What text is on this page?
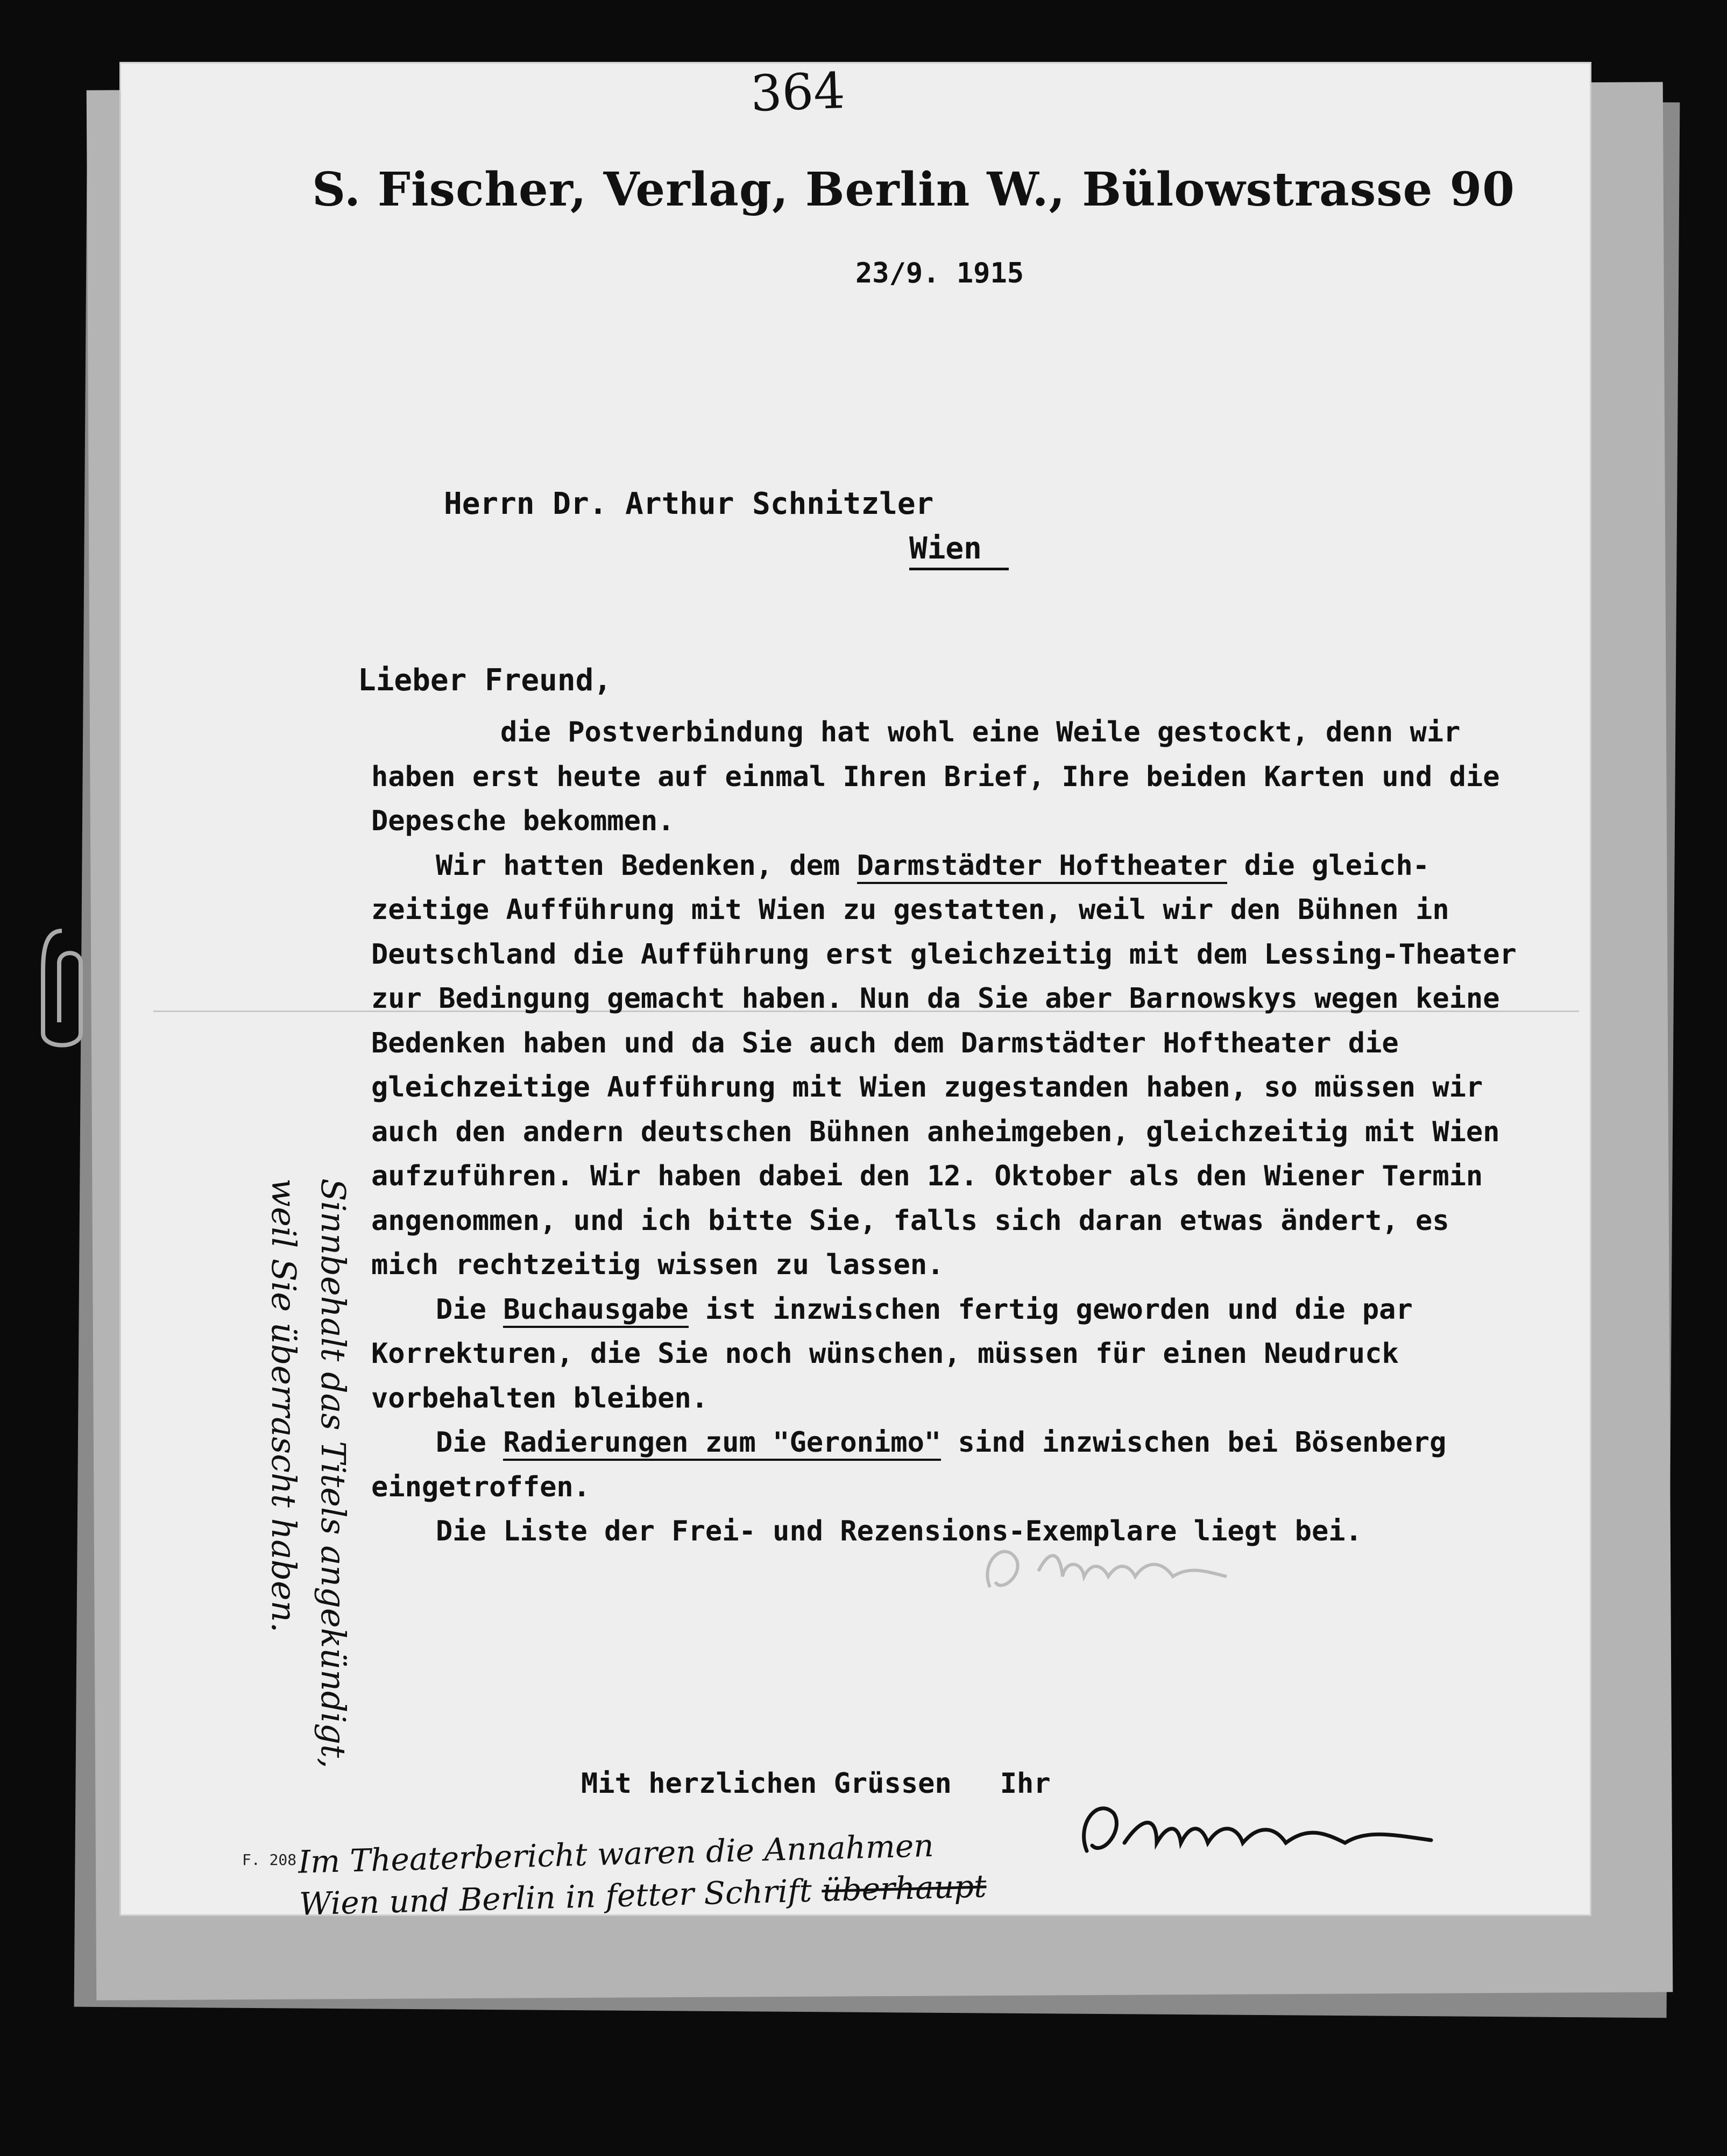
364
S. Fischer, Verlag, Berlin W., Bülowstrasse 90
23/9. 1915
Herrn Dr. Arthur Schnitzler
Wien
Lieber Freund,
die Postverbindung hat wohl eine Weile gestockt, denn wir
haben erst heute auf einmal Ihren Brief, Ihre beiden Karten und die
Depesche bekommen.
Wir hatten Bedenken, dem Darmstädter Hoftheater die gleich-
zeitige Aufführung mit Wien zu gestatten, weil wir den Bühnen in
Deutschland die Aufführung erst gleichzeitig mit dem Lessing-Theater
zur Bedingung gemacht haben. Nun da Sie aber Barnowskys wegen keine
Bedenken haben und da Sie auch dem Darmstädter Hoftheater die
gleichzeitige Aufführung mit Wien zugestanden haben, so müssen wir
auch den andern deutschen Bühnen anheimgeben, gleichzeitig mit Wien
aufzuführen. Wir haben dabei den 12. Oktober als den Wiener Termin
angenommen, und ich bitte Sie, falls sich daran etwas ändert, es
mich rechtzeitig wissen zu lassen.
Die Buchausgabe ist inzwischen fertig geworden und die par
Korrekturen, die Sie noch wünschen, müssen für einen Neudruck
vorbehalten bleiben.
Die Radierungen zum "Geronimo" sind inzwischen bei Bösenberg
eingetroffen.
Die Liste der Frei- und Rezensions-Exemplare liegt bei.
Mit herzlichen Grüssen Ihr
Sinnbehalt das Titels angekündigt,
weil Sie überrascht haben.
F. 208 Im Theaterbericht waren die Annahmen
Wien und Berlin in fetter Schrift überhaupt
